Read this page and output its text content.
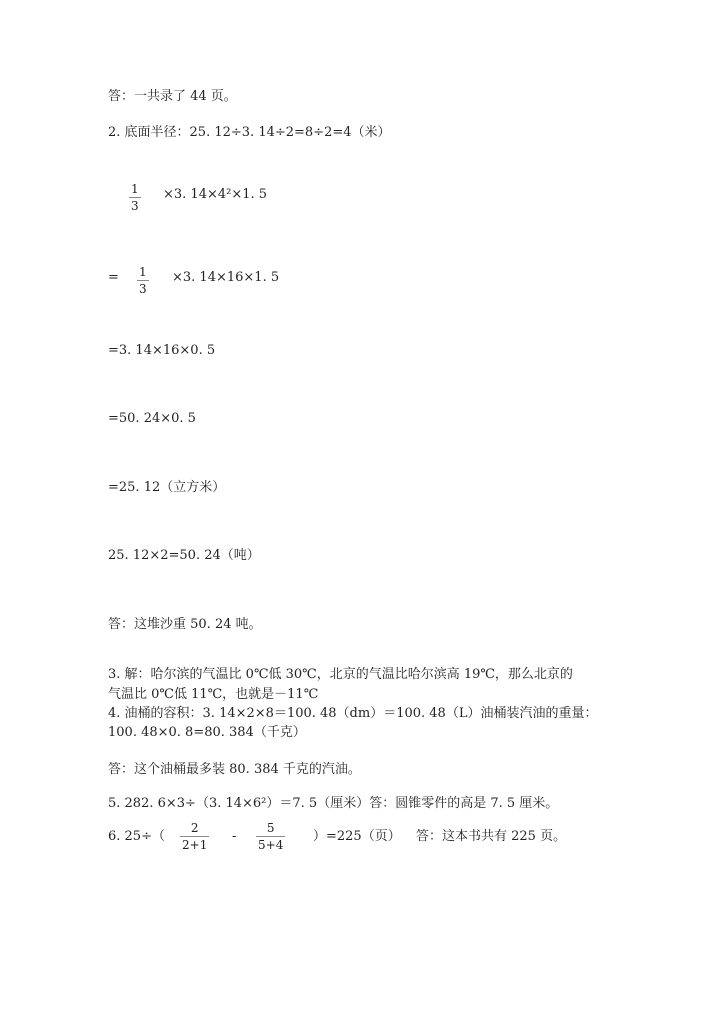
答：一共录了 44 页。
2. 底面半径：25. 12÷3. 14÷2=8÷2=4（米）
1
3
×3. 14×4²×1. 5
= 1
3
×3. 14×16×1. 5
=3. 14×16×0. 5
=50. 24×0. 5
=25. 12（立方米）
25. 12×2=50. 24（吨）
答：这堆沙重 50. 24 吨。
3. 解：哈尔滨的气温比 0℃低 30℃，北京的气温比哈尔滨高 19℃，那么北京的
气温比 0℃低 11℃，也就是－11℃
4. 油桶的容积：3. 14×2×8＝100. 48（dm）＝100. 48（L）油桶装汽油的重量：
100. 48×0. 8=80. 384（千克）
答：这个油桶最多装 80. 384 千克的汽油。
5. 282. 6×3÷（3. 14×6²）＝7. 5（厘米）答：圆锥零件的高是 7. 5 厘米。
6. 25÷（
2
2+1
-
5
5+4
）=225（页） 答：这本书共有 225 页。
